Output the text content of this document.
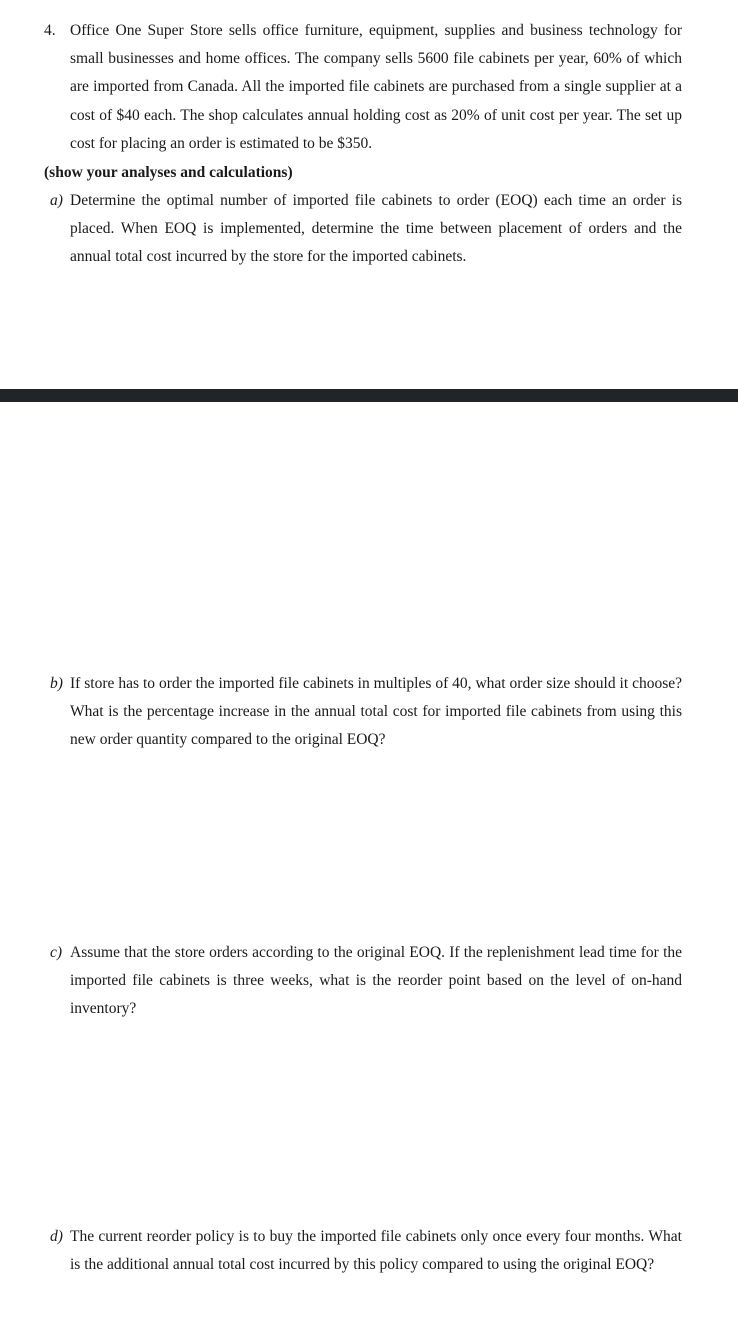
4. Office One Super Store sells office furniture, equipment, supplies and business technology for small businesses and home offices. The company sells 5600 file cabinets per year, 60% of which are imported from Canada. All the imported file cabinets are purchased from a single supplier at a cost of $40 each. The shop calculates annual holding cost as 20% of unit cost per year. The set up cost for placing an order is estimated to be $350.

(show your analyses and calculations)

a) Determine the optimal number of imported file cabinets to order (EOQ) each time an order is placed. When EOQ is implemented, determine the time between placement of orders and the annual total cost incurred by the store for the imported cabinets.

b) If store has to order the imported file cabinets in multiples of 40, what order size should it choose? What is the percentage increase in the annual total cost for imported file cabinets from using this new order quantity compared to the original EOQ?

c) Assume that the store orders according to the original EOQ. If the replenishment lead time for the imported file cabinets is three weeks, what is the reorder point based on the level of on-hand inventory?

d) The current reorder policy is to buy the imported file cabinets only once every four months. What is the additional annual total cost incurred by this policy compared to using the original EOQ?
